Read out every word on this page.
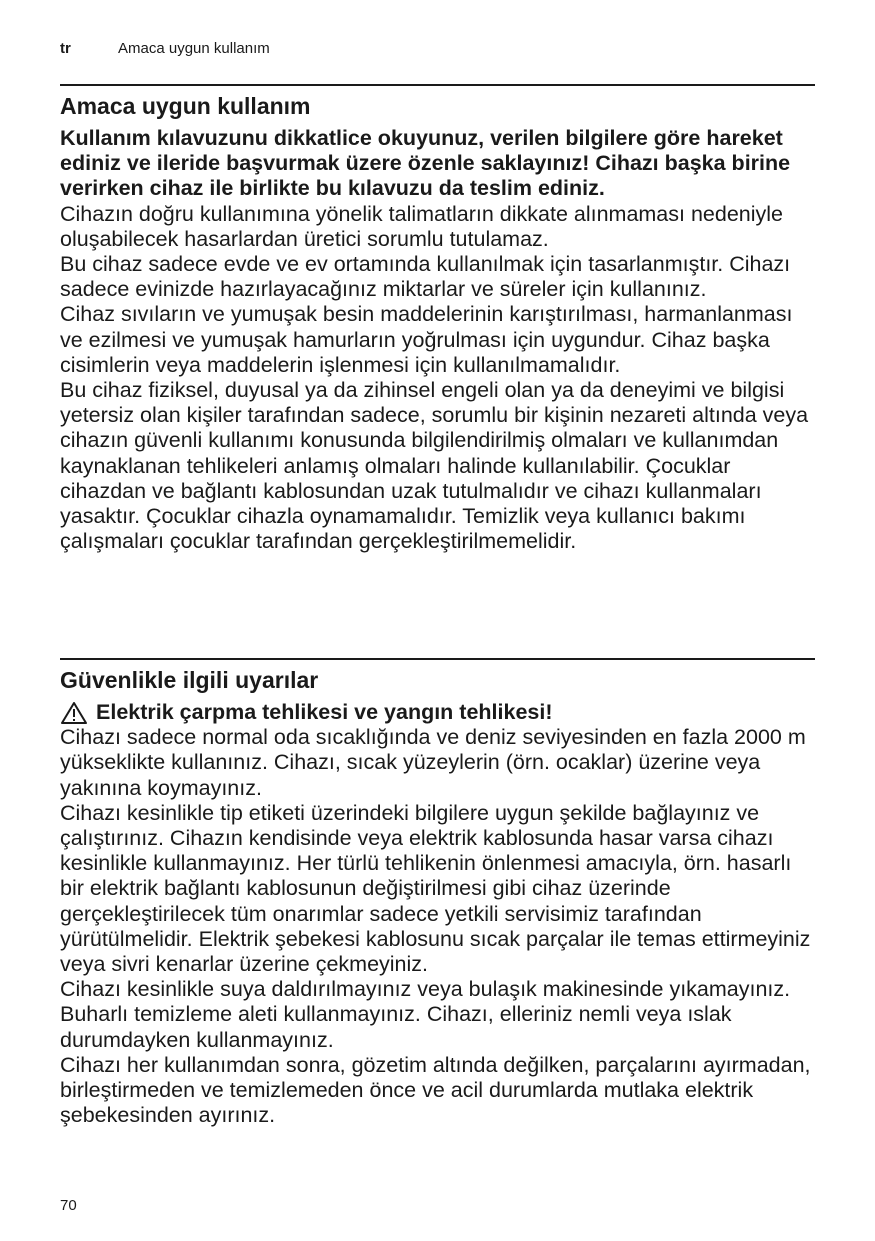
tr	Amaca uygun kullanım
Amaca uygun kullanım

Kullanım kılavuzunu dikkatlice okuyunuz, verilen bilgilere göre hareket ediniz ve ileride başvurmak üzere özenle saklayınız! Cihazı başka birine verirken cihaz ile birlikte bu kılavuzu da teslim ediniz.

Cihazın doğru kullanımına yönelik talimatların dikkate alınmaması nedeniyle oluşabilecek hasarlardan üretici sorumlu tutulamaz.

Bu cihaz sadece evde ve ev ortamında kullanılmak için tasarlanmıştır. Cihazı sadece evinizde hazırlayacağınız miktarlar ve süreler için kullanınız.

Cihaz sıvıların ve yumuşak besin maddelerinin karıştırılması, harmanlanması ve ezilmesi ve yumuşak hamurların yoğrulması için uygundur. Cihaz başka cisimlerin veya maddelerin işlenmesi için kullanılmamalıdır.

Bu cihaz fiziksel, duyusal ya da zihinsel engeli olan ya da deneyimi ve bilgisi yetersiz olan kişiler tarafından sadece, sorumlu bir kişinin nezareti altında veya cihazın güvenli kullanımı konusunda bilgilendirilmiş olmaları ve kullanımdan kaynaklanan tehlikeleri anlamış olmaları halinde kullanılabilir. Çocuklar cihazdan ve bağlantı kablosundan uzak tutulmalıdır ve cihazı kullanmaları yasaktır. Çocuklar cihazla oynamamalıdır. Temizlik veya kullanıcı bakımı çalışmaları çocuklar tarafından gerçekleştirilmemelidir.

Güvenlikle ilgili uyarılar
Elektrik çarpma tehlikesi ve yangın tehlikesi!

Cihazı sadece normal oda sıcaklığında ve deniz seviyesinden en fazla 2000 m yükseklikte kullanınız. Cihazı, sıcak yüzeylerin (örn. ocaklar) üzerine veya yakınına koymayınız.

Cihazı kesinlikle tip etiketi üzerindeki bilgilere uygun şekilde bağlayınız ve çalıştırınız. Cihazın kendisinde veya elektrik kablosunda hasar varsa cihazı kesinlikle kullanmayınız. Her türlü tehlikenin önlenmesi amacıyla, örn. hasarlı bir elektrik bağlantı kablosunun değiştirilmesi gibi cihaz üzerinde gerçekleştirilecek tüm onarımlar sadece yetkili servisimiz tarafından yürütülmelidir. Elektrik şebekesi kablosunu sıcak parçalar ile temas ettirmeyiniz veya sivri kenarlar üzerine çekmeyiniz.

Cihazı kesinlikle suya daldırılmayınız veya bulaşık makinesinde yıkamayınız. Buharlı temizleme aleti kullanmayınız. Cihazı, elleriniz nemli veya ıslak durumdayken kullanmayınız.

Cihazı her kullanımdan sonra, gözetim altında değilken, parçalarını ayırmadan, birleştirmeden ve temizlemeden önce ve acil durumlarda mutlaka elektrik şebekesinden ayırınız.

70
